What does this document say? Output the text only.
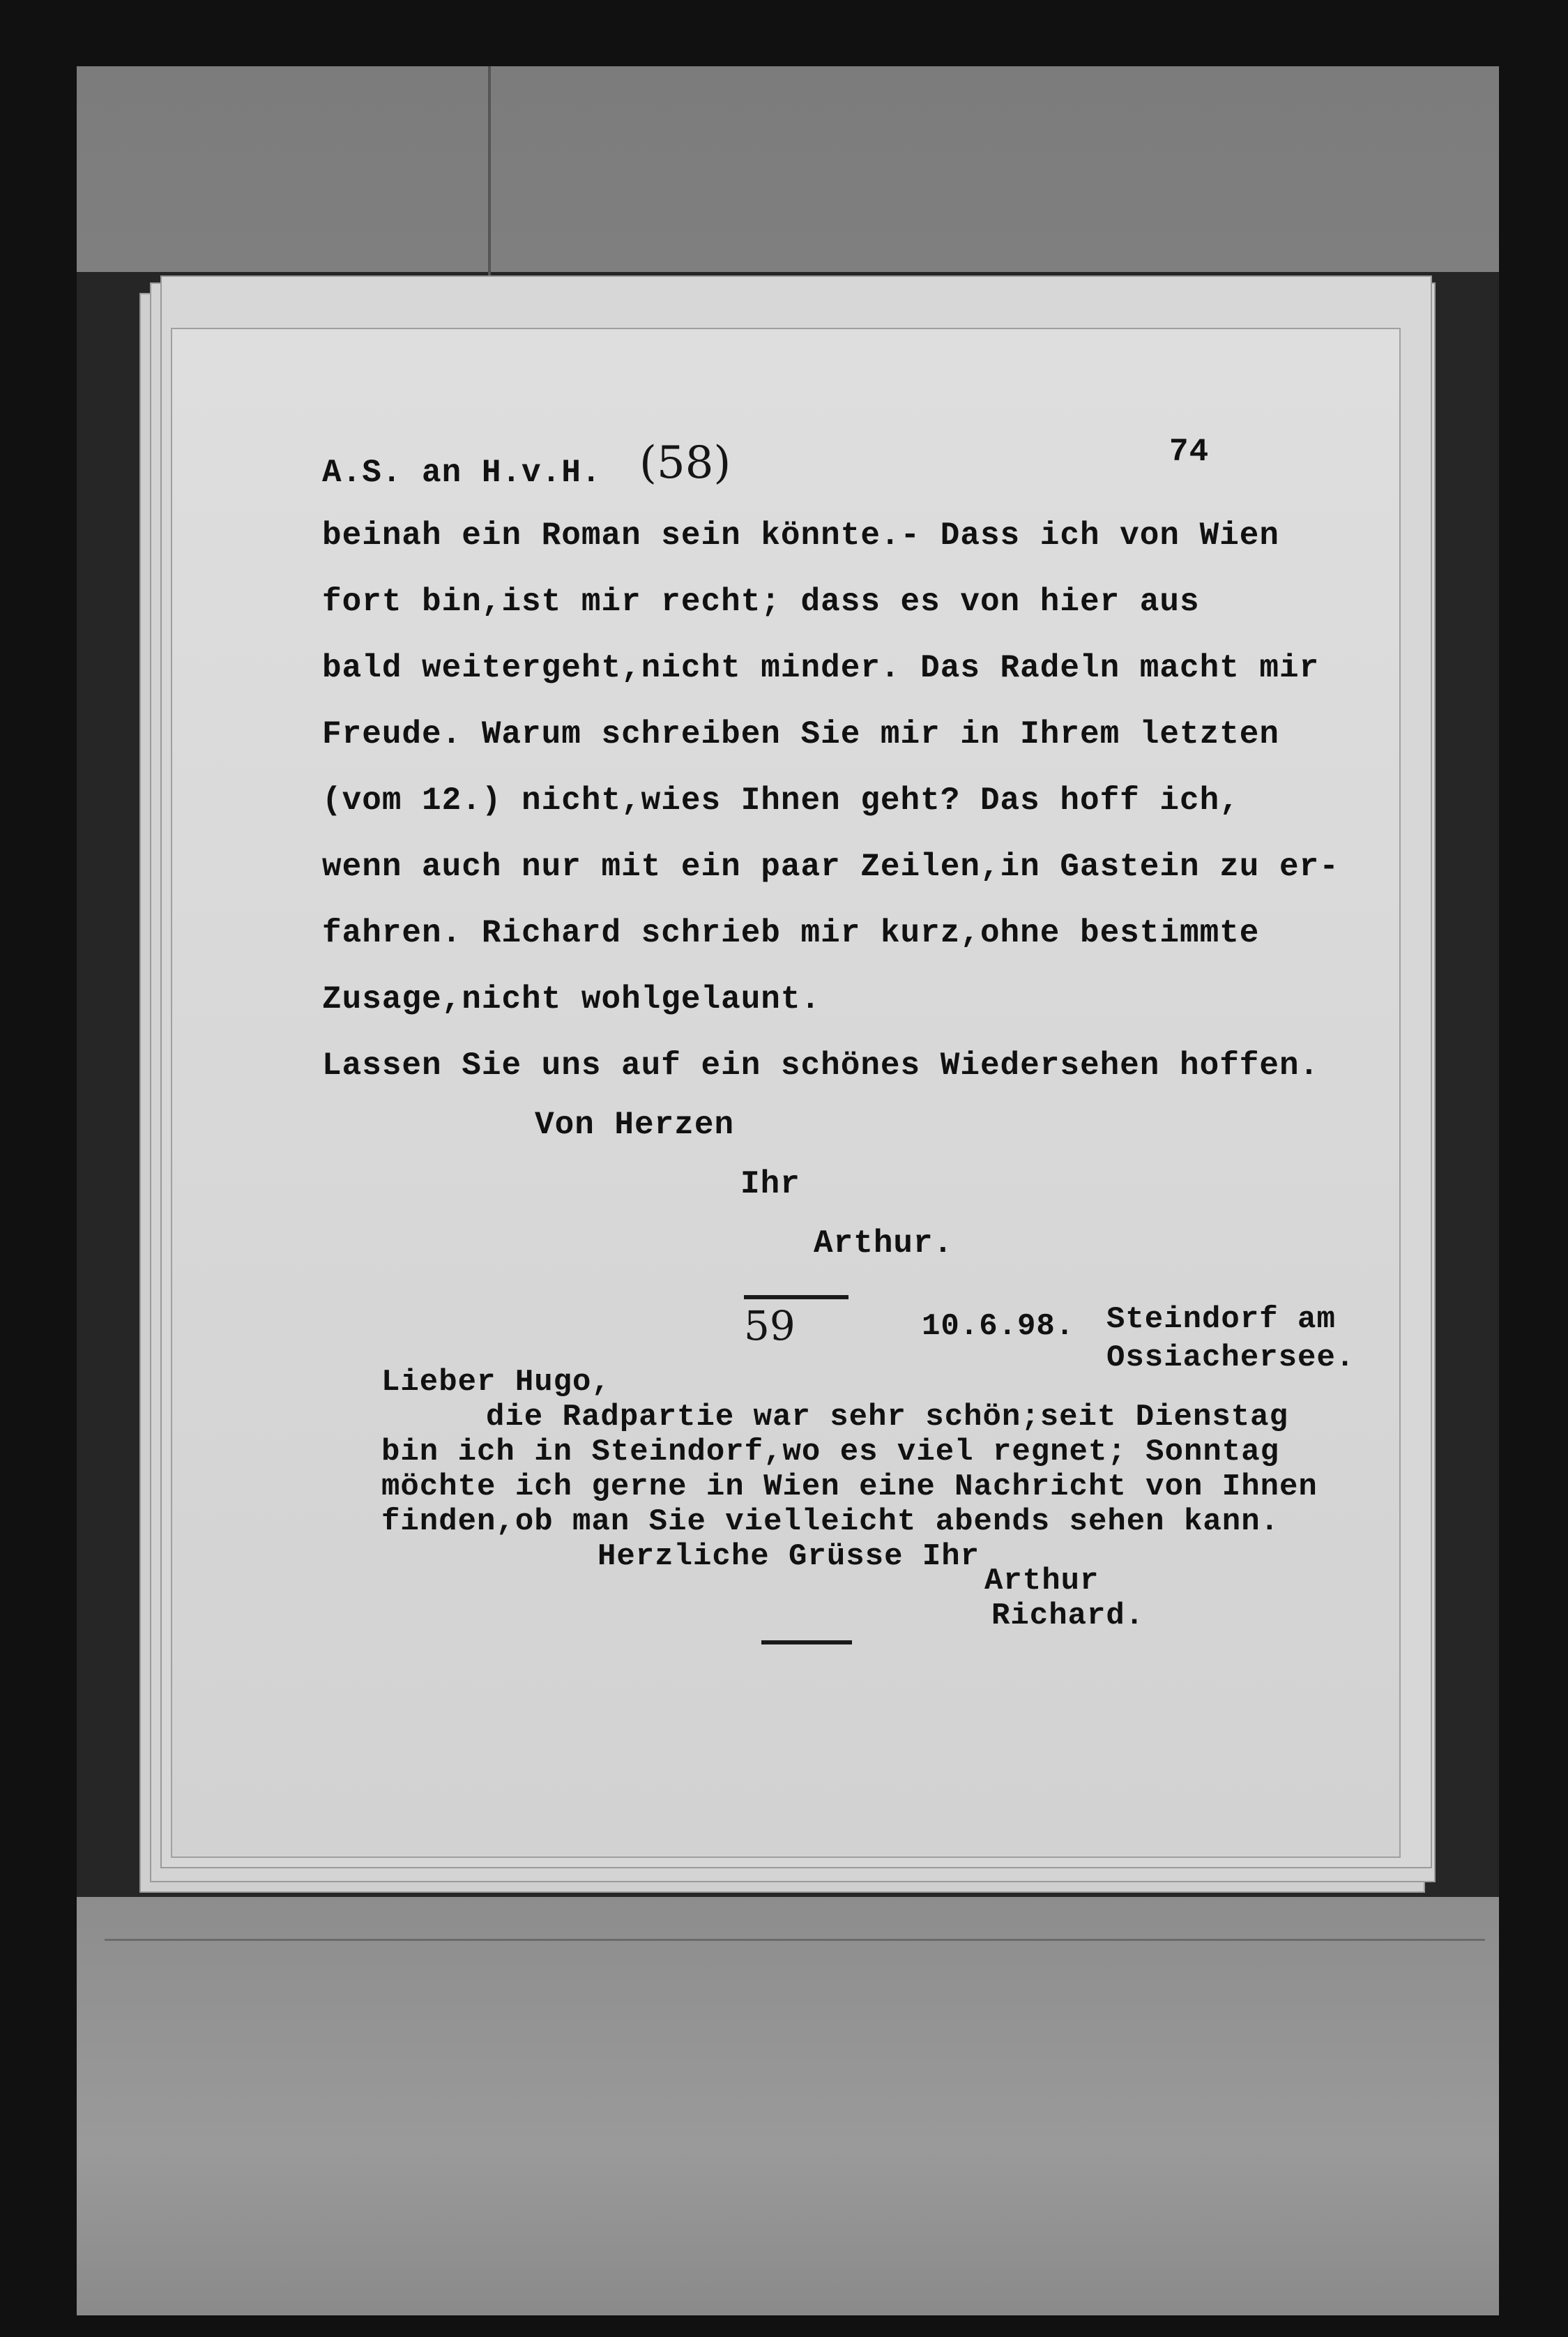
A.S. an H.v.H. (58)	74
beinah ein Roman sein könnte.- Dass ich von Wien
fort bin,ist mir recht; dass es von hier aus
bald weitergeht,nicht minder. Das Radeln macht mir
Freude. Warum schreiben Sie mir in Ihrem letzten
(vom 12.) nicht,wies Ihnen geht? Das hoff ich,
wenn auch nur mit ein paar Zeilen,in Gastein zu er-
fahren. Richard schrieb mir kurz,ohne bestimmte
Zusage,nicht wohlgelaunt.
Lassen Sie uns auf ein schönes Wiedersehen hoffen.
Von Herzen
Ihr
Arthur.
59	10.6.98. Steindorf am
Ossiachersee.
Lieber Hugo,
die Radpartie war sehr schön;seit Dienstag
bin ich in Steindorf,wo es viel regnet; Sonntag
möchte ich gerne in Wien eine Nachricht von Ihnen
finden,ob man Sie vielleicht abends sehen kann.
Herzliche Grüsse Ihr
Arthur
Richard.
